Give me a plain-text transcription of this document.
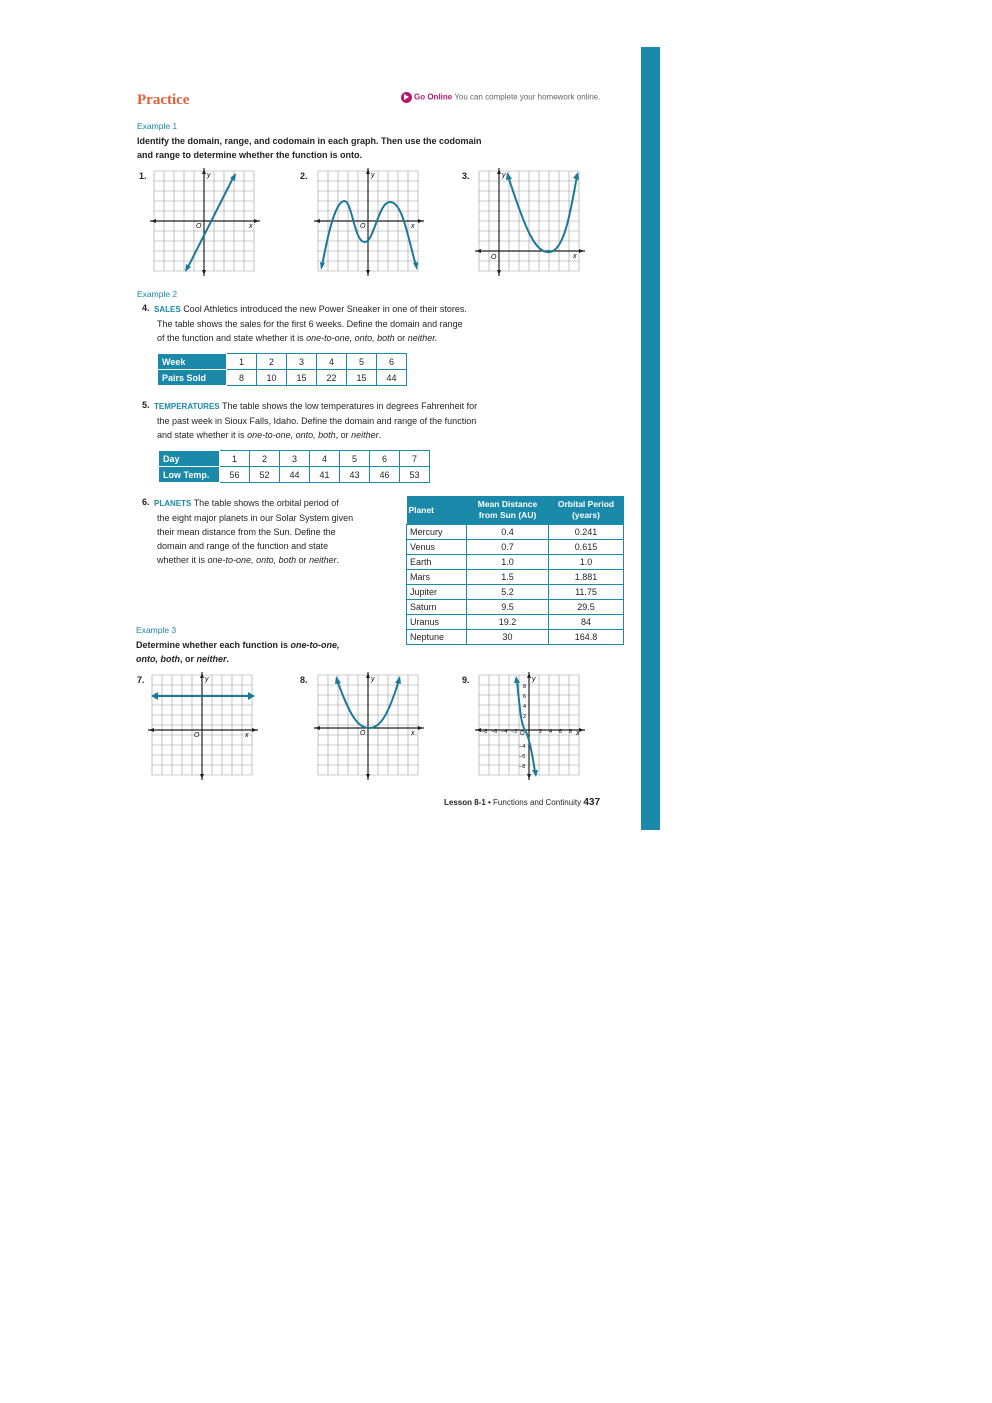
Practice	Go Online You can complete your homework online.
Example 1
Identify the domain, range, and codomain in each graph. Then use the codomain
and range to determine whether the function is onto.
1.	2.	3.
O	x
y
O	x
y
O	x
y
Example 2
4. SALES Cool Athletics introduced the new Power Sneaker in one of their stores.
The table shows the sales for the first 6 weeks. Define the domain and range
of the function and state whether it is one-to-one, onto, both or neither.
Week	1	2	3	4	5	6
Pairs Sold	8	10	15	22	15	44
5. TEMPERATURES The table shows the low temperatures in degrees Fahrenheit for
the past week in Sioux Falls, Idaho. Define the domain and range of the function
and state whether it is one-to-one, onto, both, or neither.
Day	1	2	3	4	5	6	7
Low Temp.	56	52	44	41	43	46	53
6. PLANETS The table shows the orbital period of
the eight major planets in our Solar System given
their mean distance from the Sun. Define the
domain and range of the function and state
whether it is one-to-one, onto, both or neither.
Planet	Mean Distance from Sun (AU)	Orbital Period (years)
Mercury	0.4	0.241
Venus	0.7	0.615
Earth	1.0	1.0
Mars	1.5	1.881
Jupiter	5.2	11.75
Saturn	9.5	29.5
Uranus	19.2	84
Neptune	30	164.8
Example 3
Determine whether each function is one-to-one,
onto, both, or neither.
7.	8.	9.
O	x
y
O	x
y
−8 −6 −4 −2	2 4 6 8
8
6
4
2
−4
−6
−8
O	x
y
Lesson 8-1 • Functions and Continuity 437
